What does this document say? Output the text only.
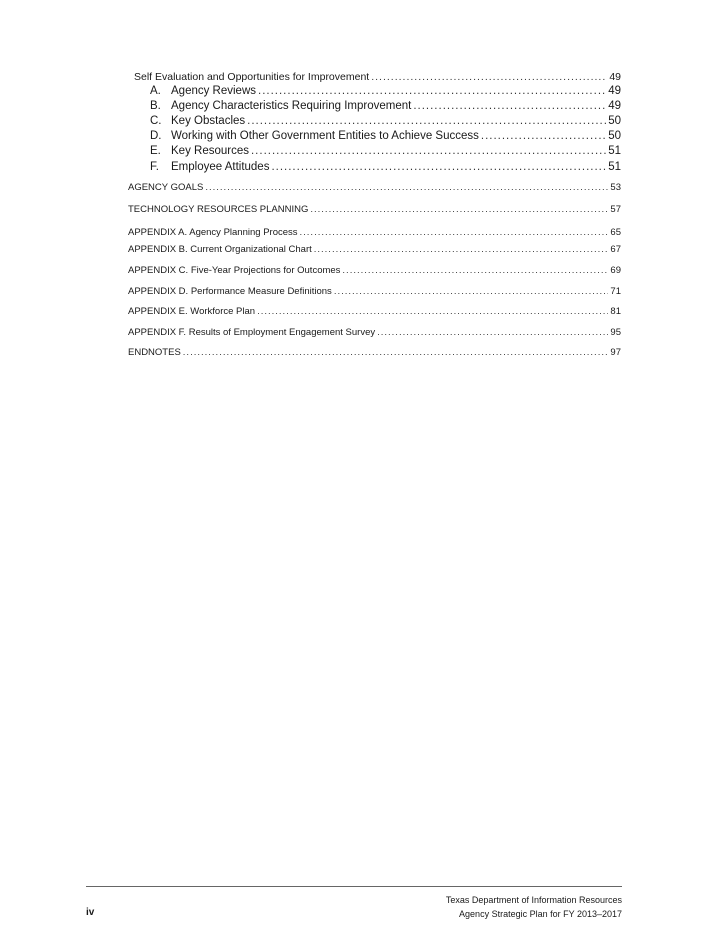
Self Evaluation and Opportunities for Improvement .....	49
A. Agency Reviews .....	49
B. Agency Characteristics Requiring Improvement .....	49
C. Key Obstacles .....	50
D. Working with Other Government Entities to Achieve Success .....	50
E. Key Resources .....	51
F.	Employee Attitudes .....	51
AGENCY GOALS .....	53
TECHNOLOGY RESOURCES PLANNING .....	57
APPENDIX A. Agency Planning Process .....	65
APPENDIX B. Current Organizational Chart .....	67
APPENDIX C. Five-Year Projections for Outcomes .....	69
APPENDIX D. Performance Measure Definitions .....	71
APPENDIX E. Workforce Plan .....	81
APPENDIX F. Results of Employment Engagement Survey .....	95
ENDNOTES .....	97
Texas Department of Information Resources
Agency Strategic Plan for FY 2013–2017
iv
